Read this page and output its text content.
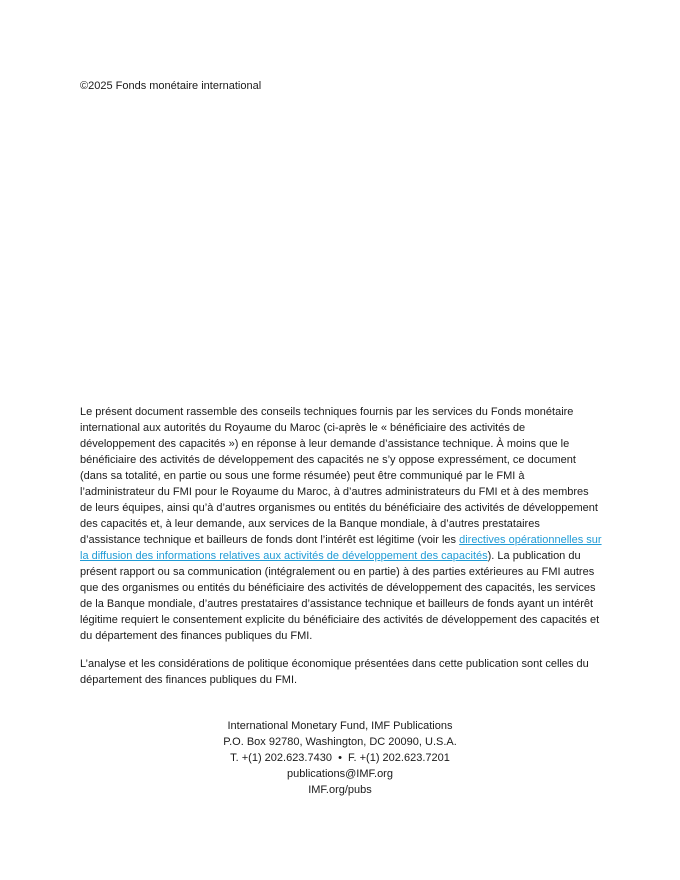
©2025 Fonds monétaire international

Le présent document rassemble des conseils techniques fournis par les services du Fonds monétaire international aux autorités du Royaume du Maroc (ci-après le « bénéficiaire des activités de développement des capacités ») en réponse à leur demande d’assistance technique. À moins que le bénéficiaire des activités de développement des capacités ne s’y oppose expressément, ce document (dans sa totalité, en partie ou sous une forme résumée) peut être communiqué par le FMI à l’administrateur du FMI pour le Royaume du Maroc, à d’autres administrateurs du FMI et à des membres de leurs équipes, ainsi qu’à d’autres organismes ou entités du bénéficiaire des activités de développement des capacités et, à leur demande, aux services de la Banque mondiale, à d’autres prestataires d’assistance technique et bailleurs de fonds dont l’intérêt est légitime (voir les directives opérationnelles sur la diffusion des informations relatives aux activités de développement des capacités). La publication du présent rapport ou sa communication (intégralement ou en partie) à des parties extérieures au FMI autres que des organismes ou entités du bénéficiaire des activités de développement des capacités, les services de la Banque mondiale, d’autres prestataires d’assistance technique et bailleurs de fonds ayant un intérêt légitime requiert le consentement explicite du bénéficiaire des activités de développement des capacités et du département des finances publiques du FMI.

L’analyse et les considérations de politique économique présentées dans cette publication sont celles du département des finances publiques du FMI.

International Monetary Fund, IMF Publications
P.O. Box 92780, Washington, DC 20090, U.S.A.
T. +(1) 202.623.7430  •  F. +(1) 202.623.7201
publications@IMF.org
IMF.org/pubs
